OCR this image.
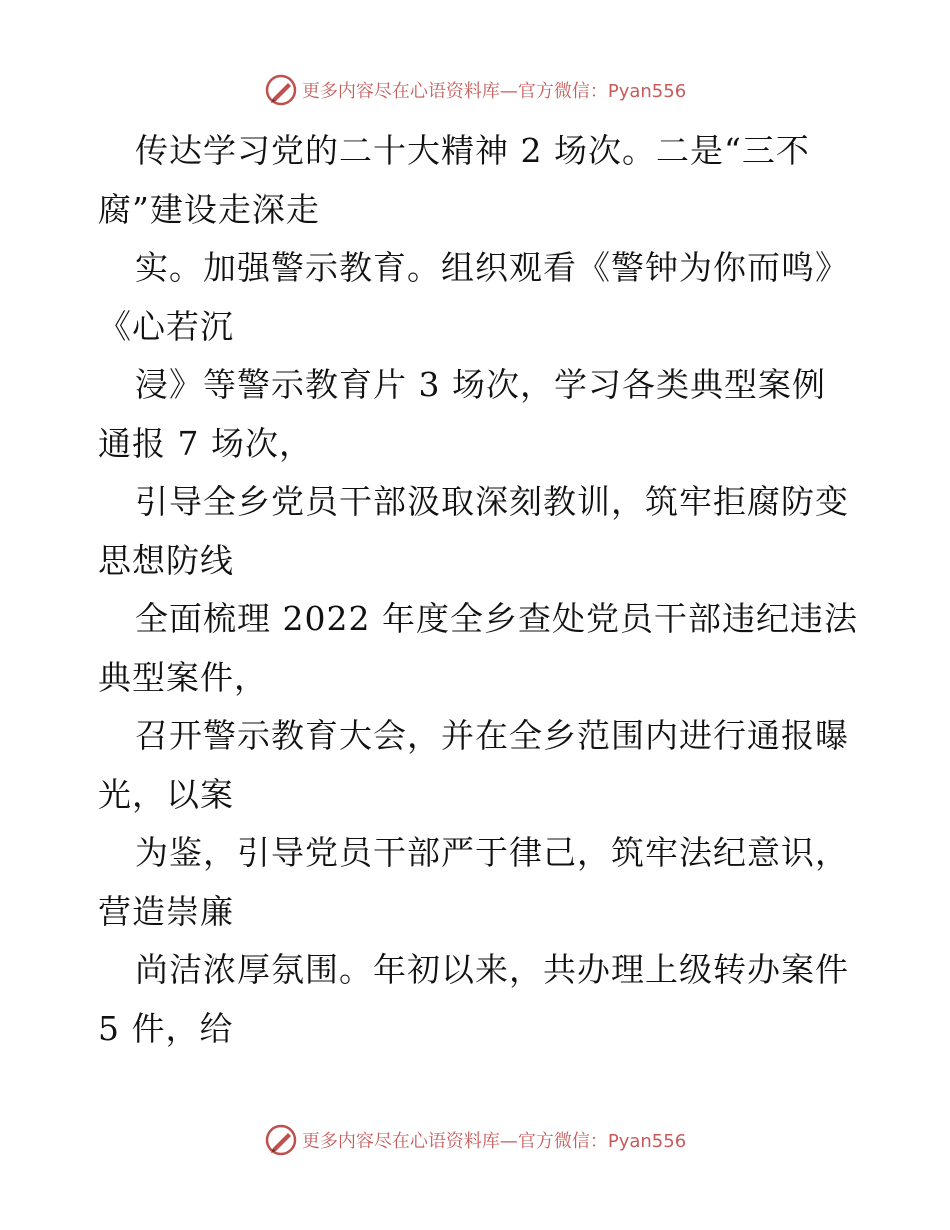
更多内容尽在心语资料库—官方微信：Pyan556
传达学习党的二十大精神 2 场次。二是“三不
腐”建设走深走
实。加强警示教育。组织观看《警钟为你而鸣》
《心若沉
浸》等警示教育片 3 场次，学习各类典型案例
通报 7 场次，
引导全乡党员干部汲取深刻教训，筑牢拒腐防变
思想防线
全面梳理 2022 年度全乡查处党员干部违纪违法
典型案件，
召开警示教育大会，并在全乡范围内进行通报曝
光，以案
为鉴，引导党员干部严于律己，筑牢法纪意识，
营造崇廉
尚洁浓厚氛围。年初以来，共办理上级转办案件
5 件，给
更多内容尽在心语资料库—官方微信：Pyan556
